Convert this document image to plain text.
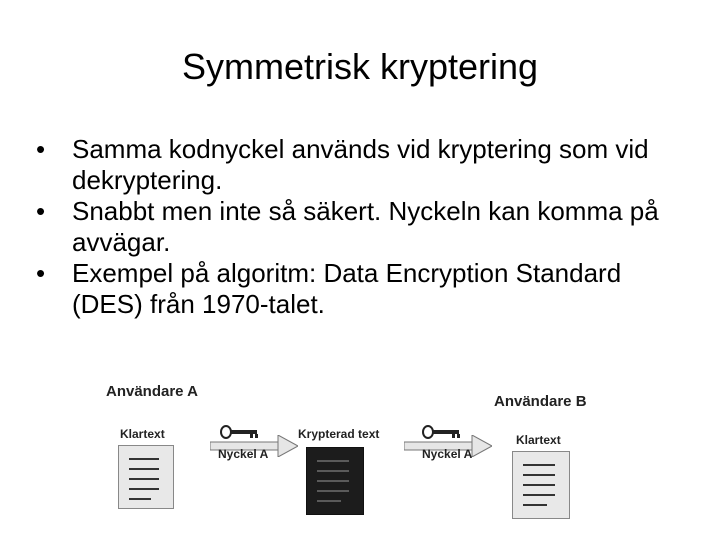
Symmetrisk kryptering
•	Samma kodnyckel används vid kryptering som vid dekryptering.
•	Snabbt men inte så säkert. Nyckeln kan komma på avvägar.
•	Exempel på algoritm: Data Encryption Standard (DES) från 1970-talet.
Användare A
Användare B
Klartext
Nyckel A
Krypterad text
Nyckel A
Klartext
